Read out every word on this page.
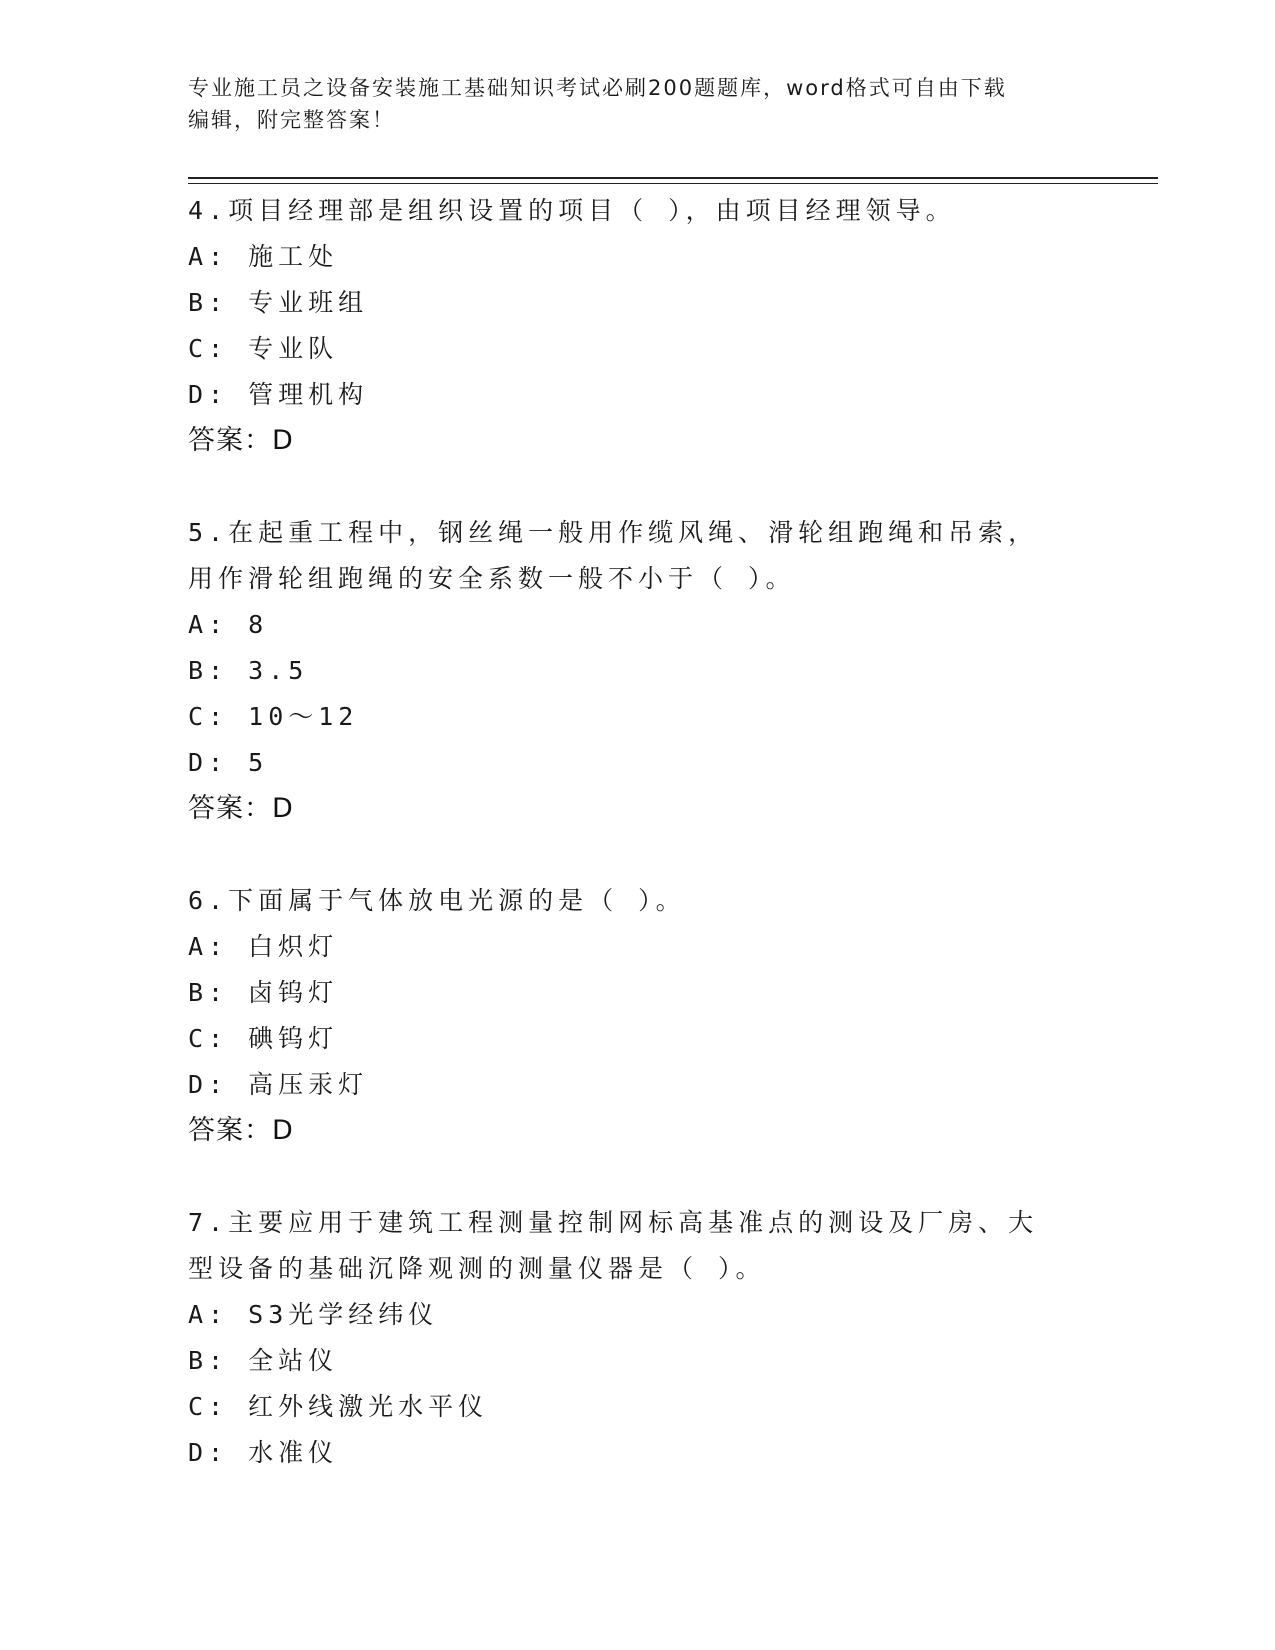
专业施工员之设备安装施工基础知识考试必刷200题题库，word格式可自由下载
编辑，附完整答案！

4.项目经理部是组织设置的项目（ ），由项目经理领导。

A: 施工处

B: 专业班组

C: 专业队

D: 管理机构

答案：D

5.在起重工程中，钢丝绳一般用作缆风绳、滑轮组跑绳和吊索，用作滑轮组跑绳的安全系数一般不小于（ ）。

A: 8

B: 3.5

C: 10～12

D: 5

答案：D

6.下面属于气体放电光源的是（ ）。

A: 白炽灯

B: 卤钨灯

C: 碘钨灯

D: 高压汞灯

答案：D

7.主要应用于建筑工程测量控制网标高基准点的测设及厂房、大型设备的基础沉降观测的测量仪器是（ ）。

A: S3光学经纬仪

B: 全站仪

C: 红外线激光水平仪

D: 水准仪
